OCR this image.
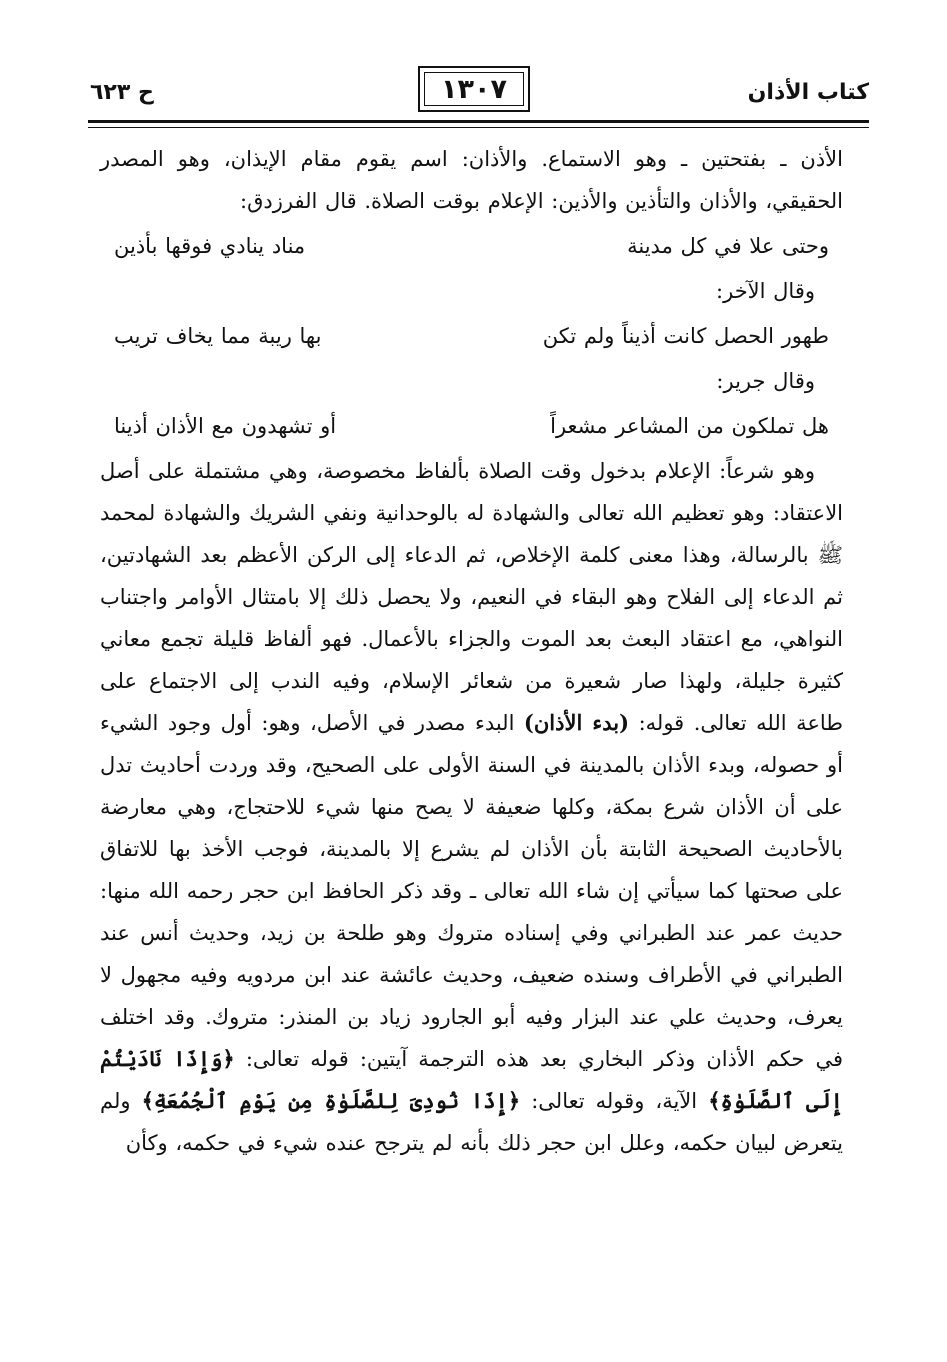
كتاب الأذان
١٣٠٧
ح ٦٢٣

الأذن ـ بفتحتين ـ وهو الاستماع. والأذان: اسم يقوم مقام الإيذان، وهو المصدر الحقيقي، والأذان والتأذين والأذين: الإعلام بوقت الصلاة. قال الفرزدق:

وحتى علا في كل مدينة
مناد ينادي فوقها بأذين

وقال الآخر:

طهور الحصل كانت أذيناً ولم تكن
بها ريبة مما يخاف تريب

وقال جرير:

هل تملكون من المشاعر مشعراً
أو تشهدون مع الأذان أذينا

وهو شرعاً: الإعلام بدخول وقت الصلاة بألفاظ مخصوصة، وهي مشتملة على أصل الاعتقاد: وهو تعظيم الله تعالى والشهادة له بالوحدانية ونفي الشريك والشهادة لمحمد ﷺ بالرسالة، وهذا معنى كلمة الإخلاص، ثم الدعاء إلى الركن الأعظم بعد الشهادتين، ثم الدعاء إلى الفلاح وهو البقاء في النعيم، ولا يحصل ذلك إلا بامتثال الأوامر واجتناب النواهي، مع اعتقاد البعث بعد الموت والجزاء بالأعمال. فهو ألفاظ قليلة تجمع معاني كثيرة جليلة، ولهذا صار شعيرة من شعائر الإسلام، وفيه الندب إلى الاجتماع على طاعة الله تعالى. قوله: (بدء الأذان) البدء مصدر في الأصل، وهو: أول وجود الشيء أو حصوله، وبدء الأذان بالمدينة في السنة الأولى على الصحيح، وقد وردت أحاديث تدل على أن الأذان شرع بمكة، وكلها ضعيفة لا يصح منها شيء للاحتجاج، وهي معارضة بالأحاديث الصحيحة الثابتة بأن الأذان لم يشرع إلا بالمدينة، فوجب الأخذ بها للاتفاق على صحتها كما سيأتي إن شاء الله تعالى ـ وقد ذكر الحافظ ابن حجر رحمه الله منها: حديث عمر عند الطبراني وفي إسناده متروك وهو طلحة بن زيد، وحديث أنس عند الطبراني في الأطراف وسنده ضعيف، وحديث عائشة عند ابن مردويه وفيه مجهول لا يعرف، وحديث علي عند البزار وفيه أبو الجارود زياد بن المنذر: متروك. وقد اختلف في حكم الأذان وذكر البخاري بعد هذه الترجمة آيتين: قوله تعالى: ﴿وَإِذَا نَادَيْتُمْ إِلَى ٱلصَّلَوٰةِ﴾ الآية، وقوله تعالى: ﴿إِذَا نُودِىَ لِلصَّلَوٰةِ مِن يَوْمِ ٱلْجُمُعَةِ﴾ ولم يتعرض لبيان حكمه، وعلل ابن حجر ذلك بأنه لم يترجح عنده شيء في حكمه، وكأن
